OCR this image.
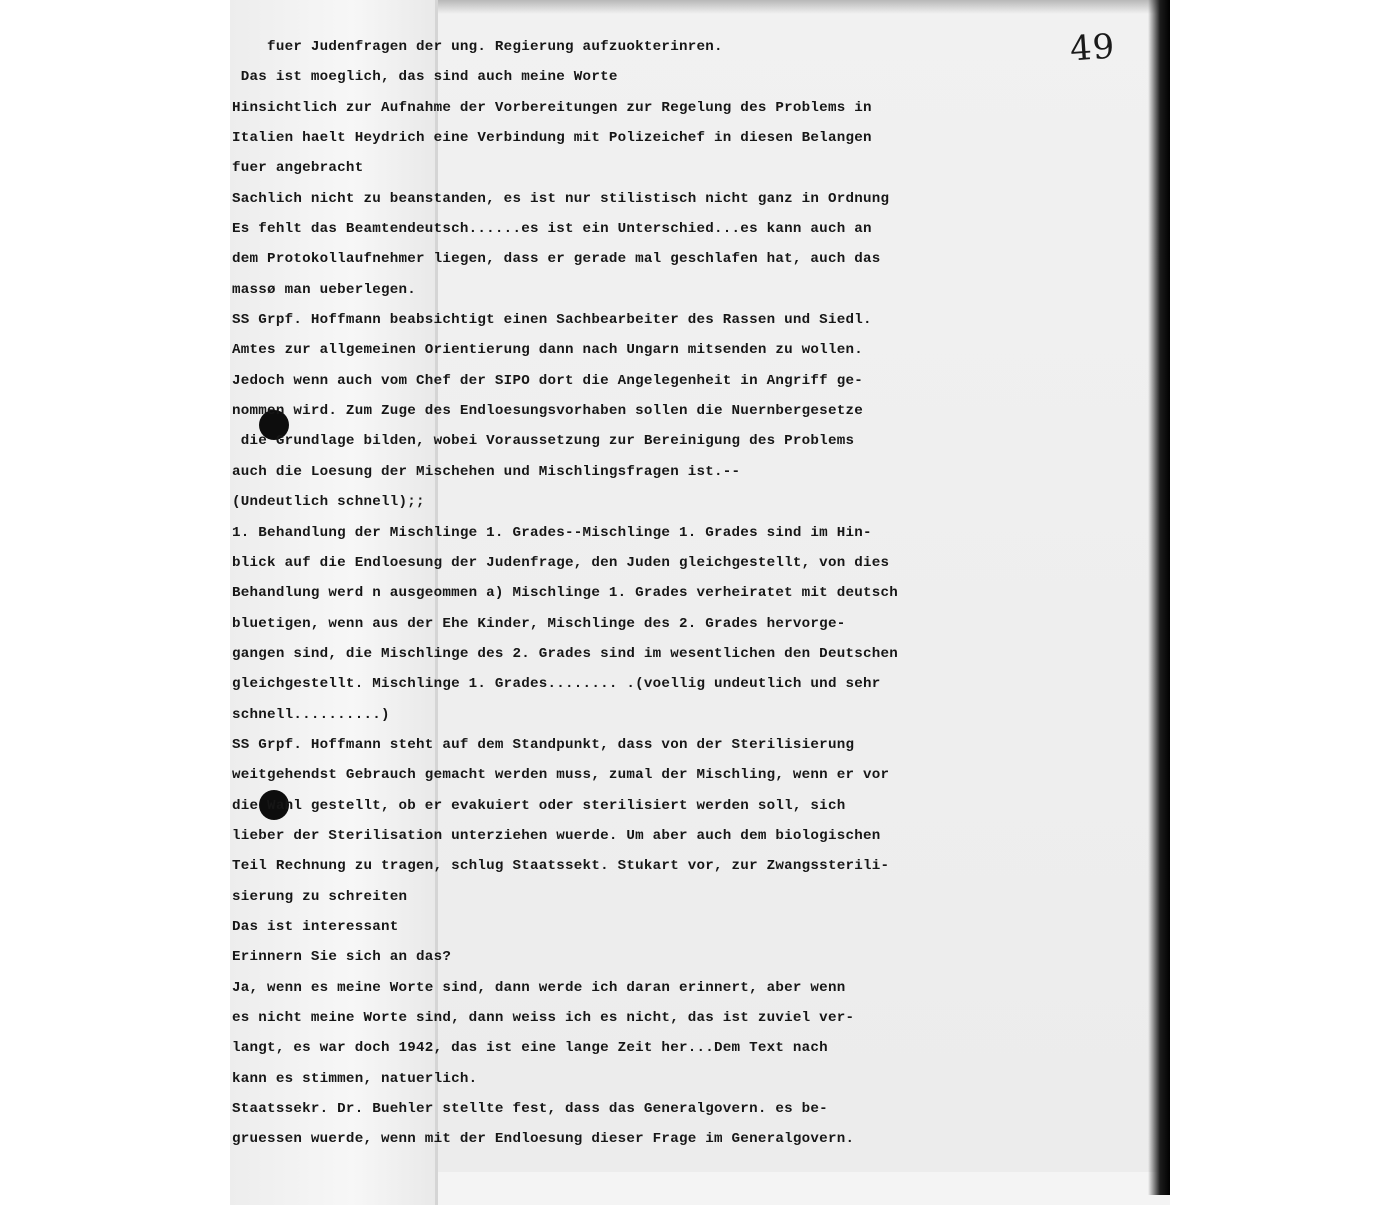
49
fuer Judenfragen der ung. Regierung aufzuokterinren.
Das ist moeglich, das sind auch meine Worte
Hinsichtlich zur Aufnahme der Vorbereitungen zur Regelung des Problems in
Italien haelt Heydrich eine Verbindung mit Polizeichef in diesen Belangen
fuer angebracht
Sachlich nicht zu beanstanden, es ist nur stilistisch nicht ganz in Ordnung
Es fehlt das Beamtendeutsch......es ist ein Unterschied...es kann auch an
dem Protokollaufnehmer liegen, dass er gerade mal geschlafen hat, auch das
massø man ueberlegen.
SS Grpf. Hoffmann beabsichtigt einen Sachbearbeiter des Rassen und Siedl.
Amtes zur allgemeinen Orientierung dann nach Ungarn mitsenden zu wollen.
Jedoch wenn auch vom Chef der SIPO dort die Angelegenheit in Angriff ge-
nommen wird. Zum Zuge des Endloesungsvorhaben sollen die Nuernbergesetze
die Grundlage bilden, wobei Voraussetzung zur Bereinigung des Problems
auch die Loesung der Mischehen und Mischlingsfragen ist.--
(Undeutlich schnell);;
1. Behandlung der Mischlinge 1. Grades--Mischlinge 1. Grades sind im Hin-
blick auf die Endloesung der Judenfrage, den Juden gleichgestellt, von dies
Behandlung werd n ausgeommen a) Mischlinge 1. Grades verheiratet mit deutsch
bluetigen, wenn aus der Ehe Kinder, Mischlinge des 2. Grades hervorge-
gangen sind, die Mischlinge des 2. Grades sind im wesentlichen den Deutschen
gleichgestellt. Mischlinge 1. Grades........ .(voellig undeutlich und sehr
schnell..........)
SS Grpf. Hoffmann steht auf dem Standpunkt, dass von der Sterilisierung
weitgehendst Gebrauch gemacht werden muss, zumal der Mischling, wenn er vor
die Wahl gestellt, ob er evakuiert oder sterilisiert werden soll, sich
lieber der Sterilisation unterziehen wuerde. Um aber auch dem biologischen
Teil Rechnung zu tragen, schlug Staatssekt. Stukart vor, zur Zwangssterili-
sierung zu schreiten
Das ist interessant
Erinnern Sie sich an das?
Ja, wenn es meine Worte sind, dann werde ich daran erinnert, aber wenn
es nicht meine Worte sind, dann weiss ich es nicht, das ist zuviel ver-
langt, es war doch 1942, das ist eine lange Zeit her...Dem Text nach
kann es stimmen, natuerlich.
Staatssekr. Dr. Buehler stellte fest, dass das Generalgovern. es be-
gruessen wuerde, wenn mit der Endloesung dieser Frage im Generalgovern.
